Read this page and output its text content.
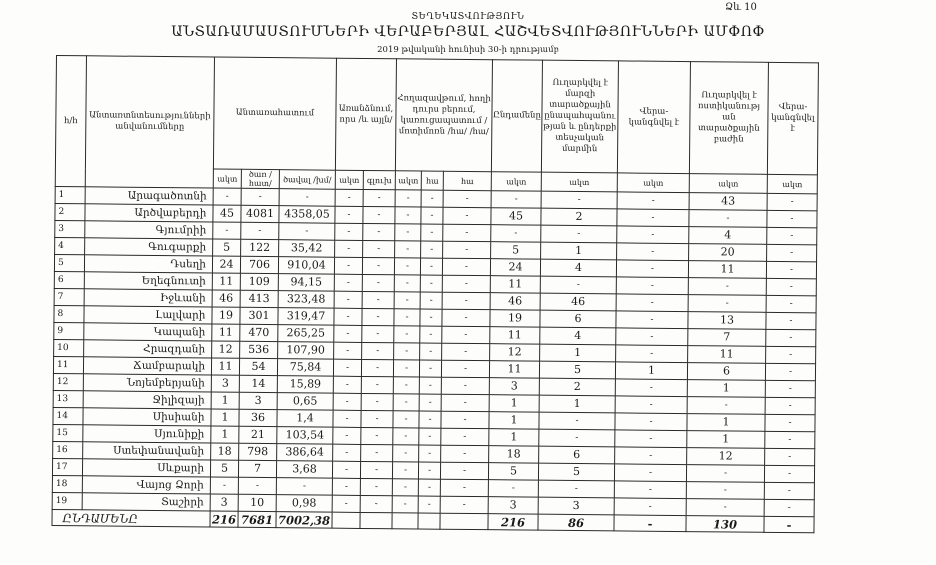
Ձև 10
ՏԵՂԵԿԱՏՎՈՒԹՅՈՒՆ
ԱՆՏԱՌԱՄԱՍՏՈՒՄՆԵՐԻ ՎԵՐԱԲԵՐՅԱԼ ՀԱՇՎԵՏՎՈՒԹՅՈՒՆՆԵՐԻ ԱՄՓՈՓ
2019 թվականի հունիսի 30-ի դրությամբ
հ/հ	Անտառտնտեսությունների անվանումները	Անտառահատում			Առանձնում, որս /և այլն/		Հողազավթում, հողի դուրս բերում, կառուցապատում /մոտիմոռն /հա/ /հա/			Ընդամենը	Ուղարկվել է մարզի տարածքային ընապահպանու թյան և ընդերքի տեսչական մարմին	Վերա-կանգնվել է	Ուղարկվել է ոստիկանությ ան տարածքային բաժին	Վերա-կանգնվել է
		ակտ	ծառ /հատ/	ծավալ /խմ/	ակտ	գլուխ	ակտ	հա	հա	ակտ	ակտ	ակտ	ակտ	ակտ
1	Արագածոտնի	-	-	-	-	-	-	-	-	-	-	-	43	-
2	Արծվաբերդի	45	4081	4358,05	-	-	-	-	-	45	2	-	-	-
3	Գյումրիի	-	-	-	-	-	-	-	-	-	-	-	4	-
4	Գուգարքի	5	122	35,42	-	-	-	-	-	5	1	-	20	-
5	Դսեղի	24	706	910,04	-	-	-	-	-	24	4	-	11	-
6	Եղեգնուտի	11	109	94,15	-	-	-	-	-	11	-	-	-	-
7	Իջևանի	46	413	323,48	-	-	-	-	-	46	46	-	-	-
8	Լալվարի	19	301	319,47	-	-	-	-	-	19	6	-	13	-
9	Կապանի	11	470	265,25	-	-	-	-	-	11	4	-	7	-
10	Հրազդանի	12	536	107,90	-	-	-	-	-	12	1	-	11	-
11	Ճամբարակի	11	54	75,84	-	-	-	-	-	11	5	1	6	-
12	Նոյեմբերյանի	3	14	15,89	-	-	-	-	-	3	2	-	1	-
13	Ջիլիզայի	1	3	0,65	-	-	-	-	-	1	1	-	-	-
14	Սիսիանի	1	36	1,4	-	-	-	-	-	1	-	-	1	-
15	Սյունիքի	1	21	103,54	-	-	-	-	-	1	-	-	1	-
16	Ստեփանավանի	18	798	386,64	-	-	-	-	-	18	6	-	12	-
17	Սևքարի	5	7	3,68	-	-	-	-	-	5	5	-	-	-
18	Վայոց Ձորի	-	-	-	-	-	-	-	-	-	-	-	-	-
19	Տաշիրի	3	10	0,98	-	-	-	-	-	3	3	-	-	-
ԸՆԴԱՄԵՆԸ		216	7681	7002,38						216	86	-	130	-
